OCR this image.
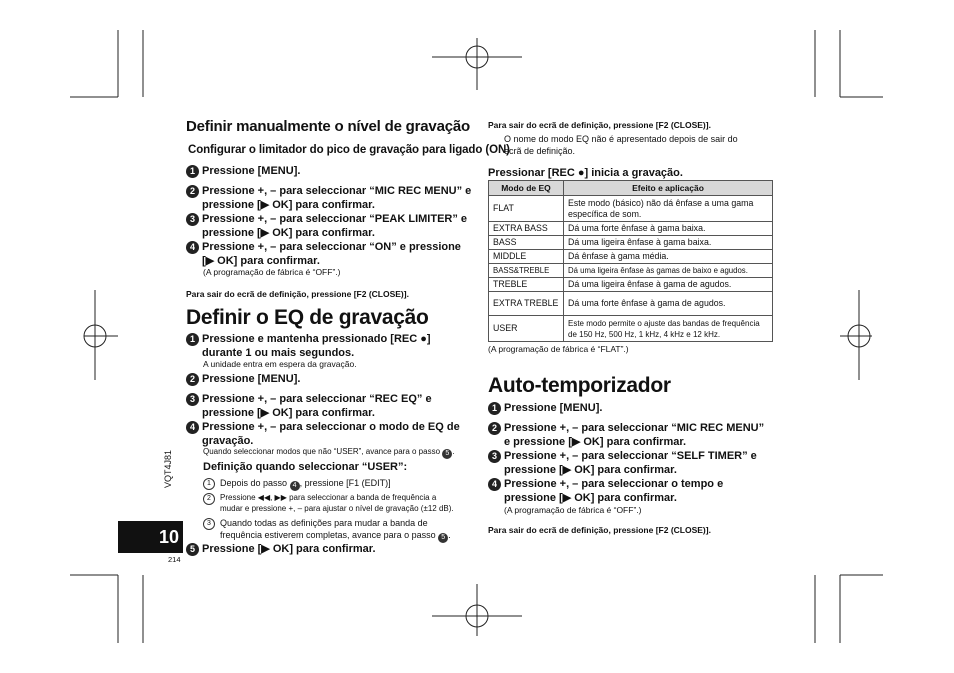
Definir manualmente o nível de gravação
Configurar o limitador do pico de gravação para ligado (ON)
1 Pressione [MENU].
2 Pressione +, – para seleccionar “MIC REC MENU” e
pressione [▶ OK] para confirmar.
3 Pressione +, – para seleccionar “PEAK LIMITER” e
pressione [▶ OK] para confirmar.
4 Pressione +, – para seleccionar “ON” e pressione
[▶ OK] para confirmar.
(A programação de fábrica é “OFF”.)
Para sair do ecrã de definição, pressione [F2 (CLOSE)].
Definir o EQ de gravação
1 Pressione e mantenha pressionado [REC ●]
durante 1 ou mais segundos.
A unidade entra em espera da gravação.
2 Pressione [MENU].
3 Pressione +, – para seleccionar “REC EQ” e
pressione [▶ OK] para confirmar.
4 Pressione +, – para seleccionar o modo de EQ de
gravação.
Quando seleccionar modos que não “USER”, avance para o passo 5 .
Definição quando seleccionar “USER”:
1	Depois do passo 4 , pressione [F1 (EDIT)]
2	Pressione ◀◀, ▶▶ para seleccionar a banda de frequência a
mudar e pressione +, – para ajustar o nível de gravação (±12 dB).
3	Quando todas as definições para mudar a banda de
frequência estiverem completas, avance para o passo 5 .
5 Pressione [▶ OK] para confirmar.
VQT4J81
10
214
Para sair do ecrã de definição, pressione [F2 (CLOSE)].
O nome do modo EQ não é apresentado depois de sair do
ecrã de definição.
Pressionar [REC ●] inicia a gravação.
Modo de EQ	Efeito e aplicação
FLAT	Este modo (básico) não dá ênfase a uma gama específica de som.
EXTRA BASS	Dá uma forte ênfase à gama baixa.
BASS	Dá uma ligeira ênfase à gama baixa.
MIDDLE	Dá ênfase à gama média.
BASS&TREBLE	Dá uma ligeira ênfase às gamas de baixo e agudos.
TREBLE	Dá uma ligeira ênfase à gama de agudos.
EXTRA TREBLE	Dá uma forte ênfase à gama de agudos.
USER	Este modo permite o ajuste das bandas de frequência de 150 Hz, 500 Hz, 1 kHz, 4 kHz e 12 kHz.
(A programação de fábrica é “FLAT”.)
Auto-temporizador
1 Pressione [MENU].
2 Pressione +, – para seleccionar “MIC REC MENU”
e pressione [▶ OK] para confirmar.
3 Pressione +, – para seleccionar “SELF TIMER” e
pressione [▶ OK] para confirmar.
4 Pressione +, – para seleccionar o tempo e
pressione [▶ OK] para confirmar.
(A programação de fábrica é “OFF”.)
Para sair do ecrã de definição, pressione [F2 (CLOSE)].
